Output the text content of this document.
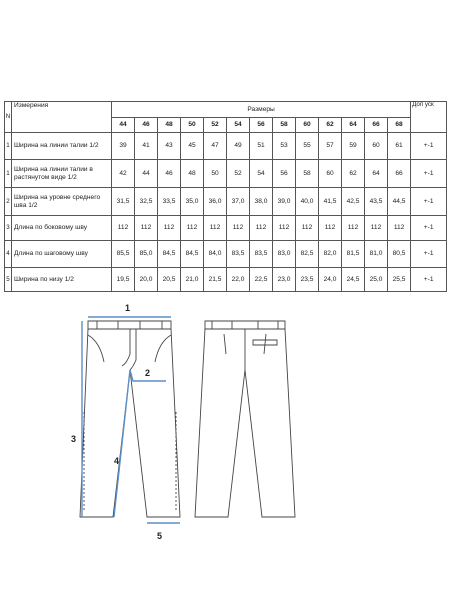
N	Измерения	Размеры													Доп уск
		44	46	48	50	52	54	56	58	60	62	64	66	68	
1	Ширина на линии талии 1/2	39	41	43	45	47	49	51	53	55	57	59	60	61	+-1
1	Ширина на линии талии в растянутом виде 1/2	42	44	46	48	50	52	54	56	58	60	62	64	66	+-1
2	Ширина на уровне среднего шва 1/2	31,5	32,5	33,5	35,0	36,0	37,0	38,0	39,0	40,0	41,5	42,5	43,5	44,5	+-1
3	Длина по боковому шву	112	112	112	112	112	112	112	112	112	112	112	112	112	+-1
4	Длина по шаговому шву	85,5	85,0	84,5	84,5	84,0	83,5	83,5	83,0	82,5	82,0	81,5	81,0	80,5	+-1
5	Ширина по низу 1/2	19,5	20,0	20,5	21,0	21,5	22,0	22,5	23,0	23,5	24,0	24,5	25,0	25,5	+-1
1
2
3
4
5
